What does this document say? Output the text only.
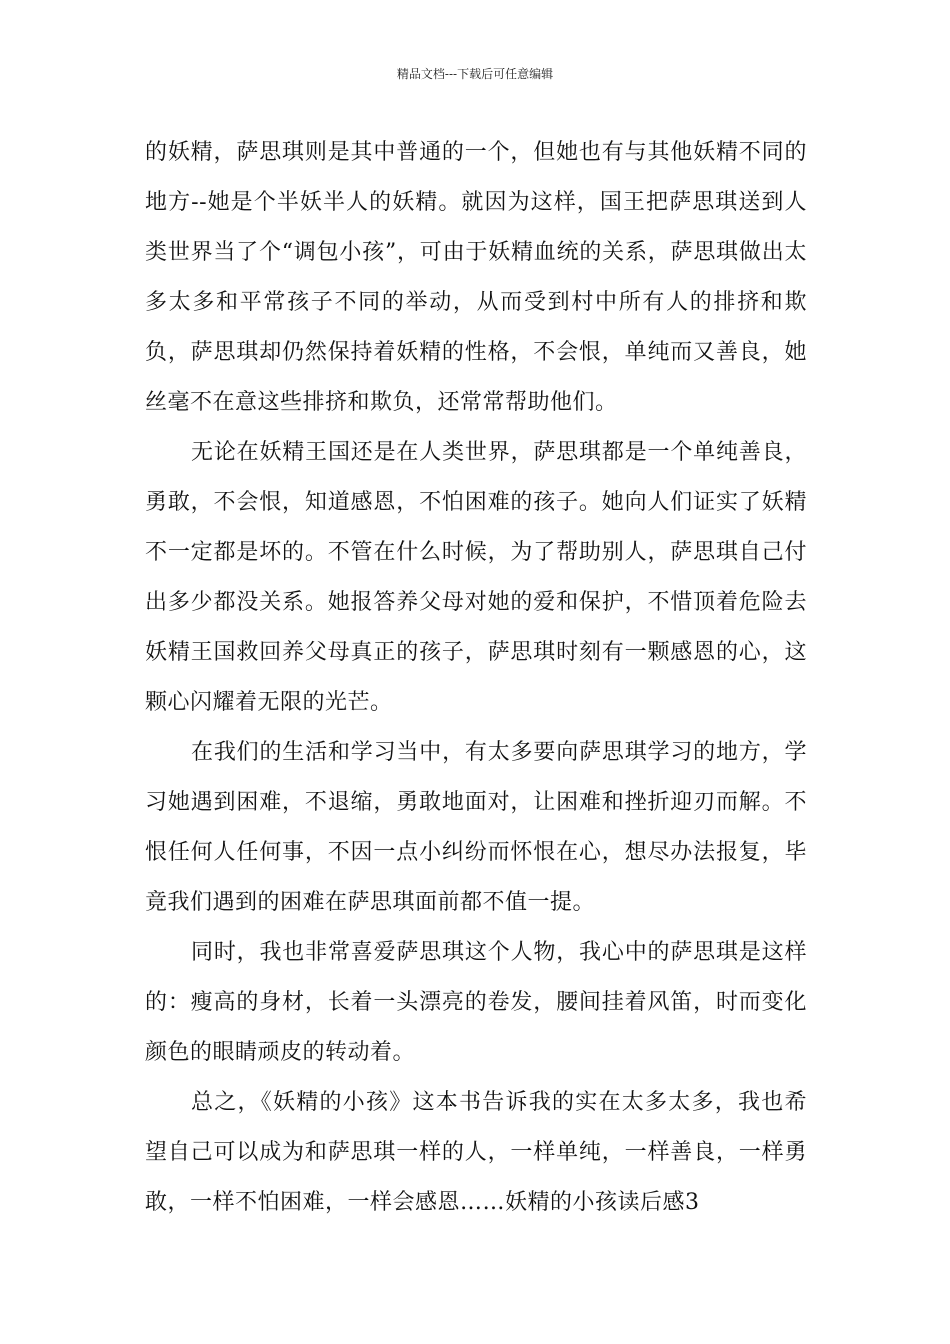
精品文档---下载后可任意编辑

的妖精，萨思琪则是其中普通的一个，但她也有与其他妖精不同的地方--她是个半妖半人的妖精。就因为这样，国王把萨思琪送到人类世界当了个“调包小孩”，可由于妖精血统的关系，萨思琪做出太多太多和平常孩子不同的举动，从而受到村中所有人的排挤和欺负，萨思琪却仍然保持着妖精的性格，不会恨，单纯而又善良，她丝毫不在意这些排挤和欺负，还常常帮助他们。

无论在妖精王国还是在人类世界，萨思琪都是一个单纯善良，勇敢，不会恨，知道感恩，不怕困难的孩子。她向人们证实了妖精不一定都是坏的。不管在什么时候，为了帮助别人，萨思琪自己付出多少都没关系。她报答养父母对她的爱和保护，不惜顶着危险去妖精王国救回养父母真正的孩子，萨思琪时刻有一颗感恩的心，这颗心闪耀着无限的光芒。

在我们的生活和学习当中，有太多要向萨思琪学习的地方，学习她遇到困难，不退缩，勇敢地面对，让困难和挫折迎刃而解。不恨任何人任何事，不因一点小纠纷而怀恨在心，想尽办法报复，毕竟我们遇到的困难在萨思琪面前都不值一提。

同时，我也非常喜爱萨思琪这个人物，我心中的萨思琪是这样的：瘦高的身材，长着一头漂亮的卷发，腰间挂着风笛，时而变化颜色的眼睛顽皮的转动着。

总之，《妖精的小孩》这本书告诉我的实在太多太多，我也希望自己可以成为和萨思琪一样的人，一样单纯，一样善良，一样勇敢，一样不怕困难，一样会感恩……妖精的小孩读后感3
